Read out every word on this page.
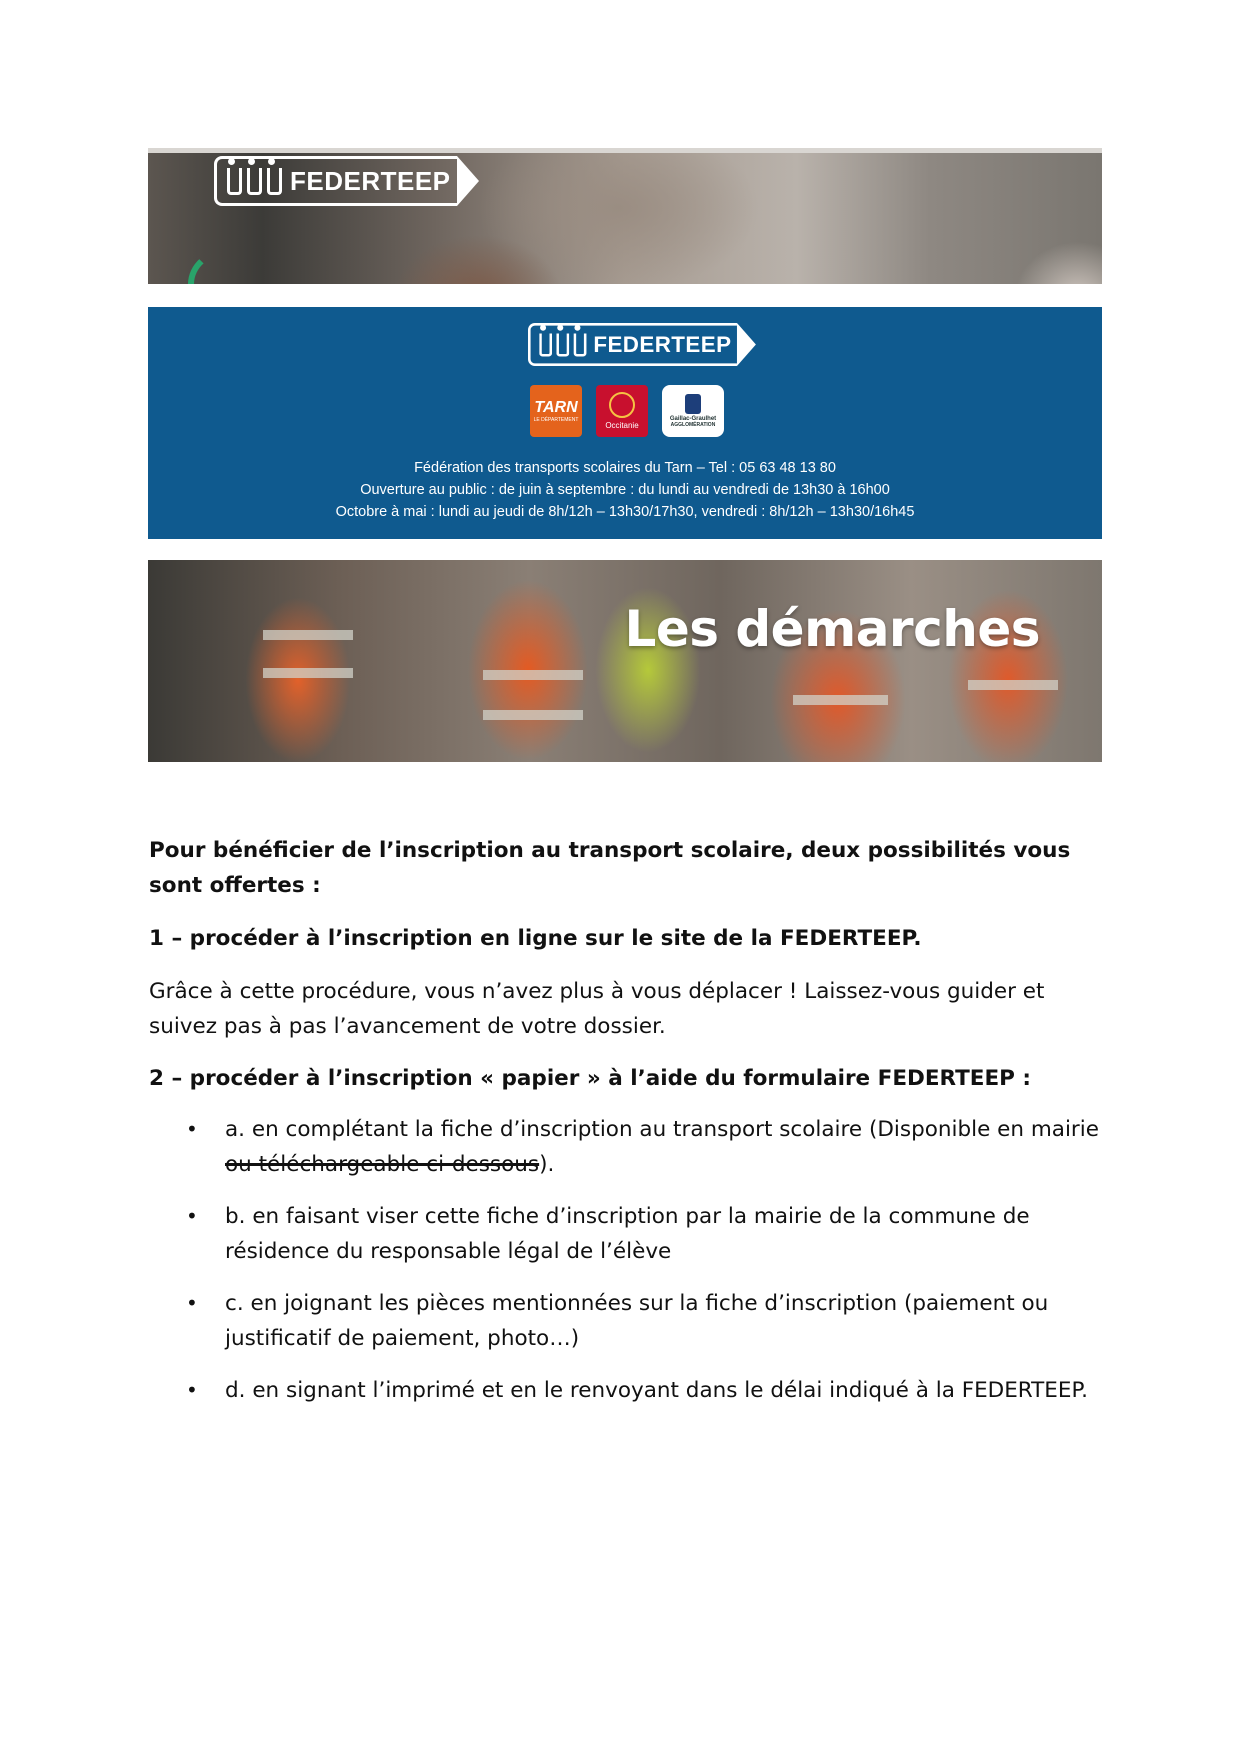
FEDERTEEP
FEDERTEEP
TARN
LE DÉPARTEMENT
Occitanie
Gaillac-Graulhet
AGGLOMÉRATION
Fédération des transports scolaires du Tarn – Tel : 05 63 48 13 80
Ouverture au public : de juin à septembre : du lundi au vendredi de 13h30 à 16h00
Octobre à mai : lundi au jeudi de 8h/12h – 13h30/17h30, vendredi : 8h/12h – 13h30/16h45
Les démarches

Pour bénéficier de l’inscription au transport scolaire, deux possibilités vous sont offertes :

1 – procéder à l’inscription en ligne sur le site de la FEDERTEEP.

Grâce à cette procédure, vous n’avez plus à vous déplacer ! Laissez-vous guider et suivez pas à pas l’avancement de votre dossier.

2 – procéder à l’inscription « papier » à l’aide du formulaire FEDERTEEP :

• a. en complétant la fiche d’inscription au transport scolaire (Disponible en mairie ou téléchargeable ci-dessous).
• b. en faisant viser cette fiche d’inscription par la mairie de la commune de résidence du responsable légal de l’élève
• c. en joignant les pièces mentionnées sur la fiche d’inscription (paiement ou justificatif de paiement, photo…)
• d. en signant l’imprimé et en le renvoyant dans le délai indiqué à la FEDERTEEP.
